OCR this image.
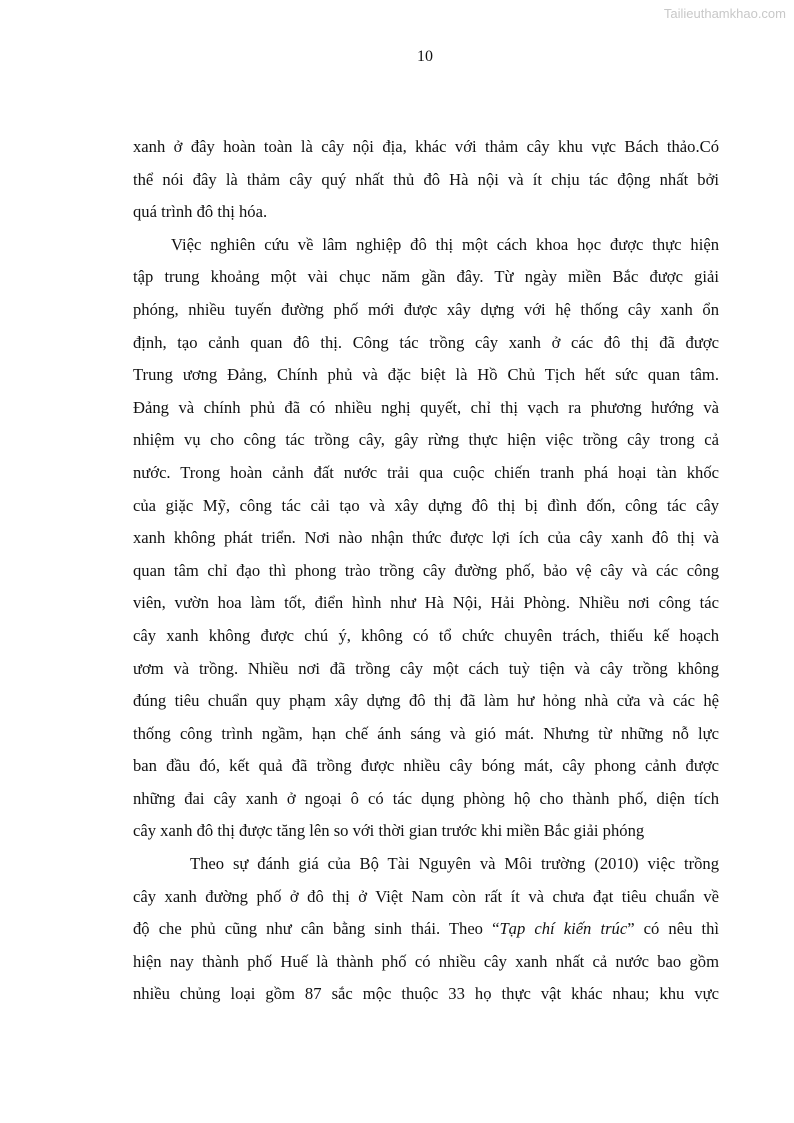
Tailieuthamkhao.com
10
xanh ở đây hoàn toàn là cây nội địa, khác với thảm cây khu vực Bách thảo.Có
thể nói đây là thảm cây quý nhất thủ đô Hà nội và ít chịu tác động nhất bởi
quá trình đô thị hóa.
Việc nghiên cứu về lâm nghiệp đô thị một cách khoa học được thực hiện
tập trung khoảng một vài chục năm gần đây. Từ ngày miền Bắc được giải
phóng, nhiều tuyến đường phố mới được xây dựng với hệ thống cây xanh ổn
định, tạo cảnh quan đô thị. Công tác trồng cây xanh ở các đô thị đã được
Trung ương Đảng, Chính phủ và đặc biệt là Hồ Chủ Tịch hết sức quan tâm.
Đảng và chính phủ đã có nhiều nghị quyết, chỉ thị vạch ra phương hướng và
nhiệm vụ cho công tác trồng cây, gây rừng thực hiện việc trồng cây trong cả
nước. Trong hoàn cảnh đất nước trải qua cuộc chiến tranh phá hoại tàn khốc
của giặc Mỹ, công tác cải tạo và xây dựng đô thị bị đình đốn, công tác cây
xanh không phát triển. Nơi nào nhận thức được lợi ích của cây xanh đô thị và
quan tâm chỉ đạo thì phong trào trồng cây đường phố, bảo vệ cây và các công
viên, vườn hoa làm tốt, điển hình như Hà Nội, Hải Phòng. Nhiều nơi công tác
cây xanh không được chú ý, không có tổ chức chuyên trách, thiếu kế hoạch
ươm và trồng. Nhiều nơi đã trồng cây một cách tuỳ tiện và cây trồng không
đúng tiêu chuẩn quy phạm xây dựng đô thị đã làm hư hỏng nhà cửa và các hệ
thống công trình ngầm, hạn chế ánh sáng và gió mát. Nhưng từ những nỗ lực
ban đầu đó, kết quả đã trồng được nhiều cây bóng mát, cây phong cảnh được
những đai cây xanh ở ngoại ô có tác dụng phòng hộ cho thành phố, diện tích
cây xanh đô thị được tăng lên so với thời gian trước khi miền Bắc giải phóng
Theo sự đánh giá của Bộ Tài Nguyên và Môi trường (2010) việc trồng
cây xanh đường phố ở đô thị ở Việt Nam còn rất ít và chưa đạt tiêu chuẩn về
độ che phủ cũng như cân bằng sinh thái. Theo “Tạp chí kiến trúc” có nêu thì
hiện nay thành phố Huế là thành phố có nhiều cây xanh nhất cả nước bao gồm
nhiều chủng loại gồm 87 sắc mộc thuộc 33 họ thực vật khác nhau; khu vực
